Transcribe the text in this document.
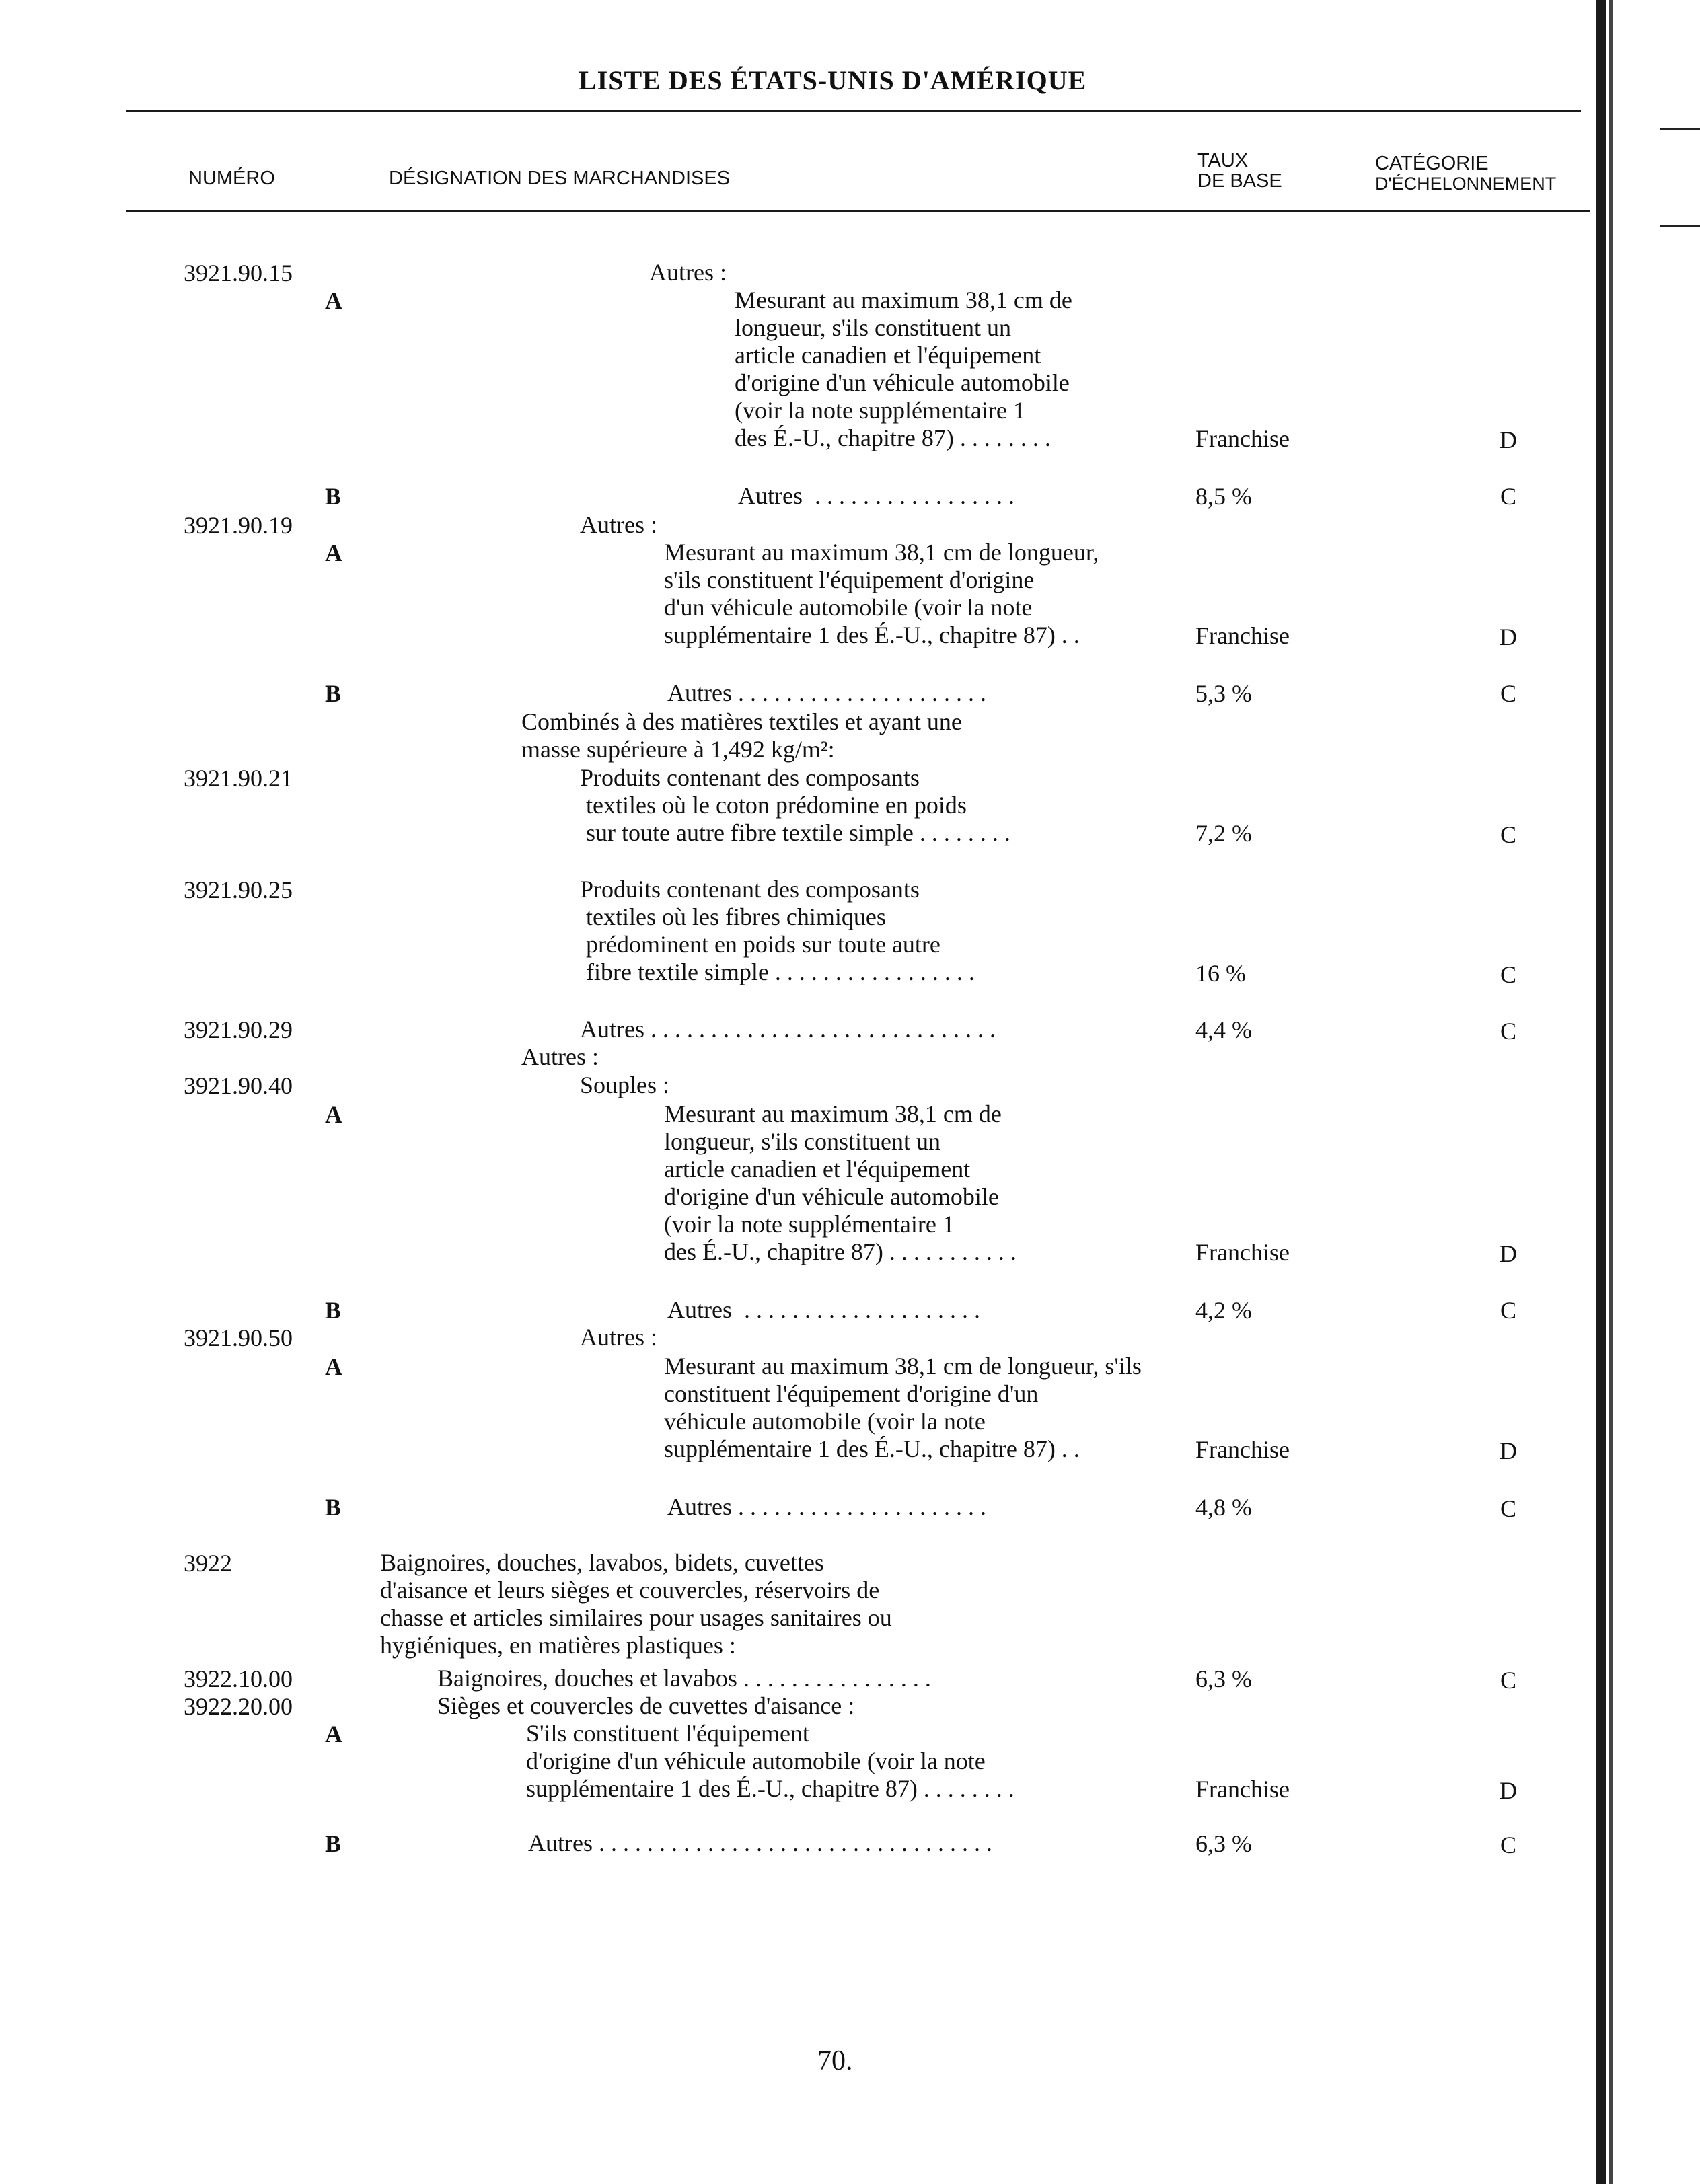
LISTE DES ÉTATS-UNIS D'AMÉRIQUE
NUMÉRO	DÉSIGNATION DES MARCHANDISES
TAUX
DE BASE
CATÉGORIE
D'ÉCHELONNEMENT
3921.90.15
3921.90.19
3921.90.21
3921.90.25
3921.90.29
3921.90.40
3921.90.50
3922
3922.10.00
3922.20.00
A
B
A
B
A
B
A
B
A
B
Autres :
Mesurant au maximum 38,1 cm de
longueur, s'ils constituent un
article canadien et l'équipement
d'origine d'un véhicule automobile
(voir la note supplémentaire 1
des É.-U., chapitre 87) . . . . . . . .
Autres  . . . . . . . . . . . . . . . . .
Autres :
Mesurant au maximum 38,1 cm de longueur,
s'ils constituent l'équipement d'origine
d'un véhicule automobile (voir la note
supplémentaire 1 des É.-U., chapitre 87) . .
Autres . . . . . . . . . . . . . . . . . . . . .
Combinés à des matières textiles et ayant une
masse supérieure à 1,492 kg/m²:
Produits contenant des composants
textiles où le coton prédomine en poids
sur toute autre fibre textile simple . . . . . . . .
Produits contenant des composants
textiles où les fibres chimiques
prédominent en poids sur toute autre
fibre textile simple . . . . . . . . . . . . . . . . .
Autres . . . . . . . . . . . . . . . . . . . . . . . . . . . . .
Autres :
Souples :
Mesurant au maximum 38,1 cm de
longueur, s'ils constituent un
article canadien et l'équipement
d'origine d'un véhicule automobile
(voir la note supplémentaire 1
des É.-U., chapitre 87) . . . . . . . . . . .
Autres  . . . . . . . . . . . . . . . . . . . .
Autres :
Mesurant au maximum 38,1 cm de longueur, s'ils
constituent l'équipement d'origine d'un
véhicule automobile (voir la note
supplémentaire 1 des É.-U., chapitre 87) . .
Autres . . . . . . . . . . . . . . . . . . . . .
Baignoires, douches, lavabos, bidets, cuvettes
d'aisance et leurs sièges et couvercles, réservoirs de
chasse et articles similaires pour usages sanitaires ou
hygiéniques, en matières plastiques :
Baignoires, douches et lavabos . . . . . . . . . . . . . . . .
Sièges et couvercles de cuvettes d'aisance :
S'ils constituent l'équipement
d'origine d'un véhicule automobile (voir la note
supplémentaire 1 des É.-U., chapitre 87) . . . . . . . .
Autres . . . . . . . . . . . . . . . . . . . . . . . . . . . . . . . . .
Franchise
8,5 %
Franchise
5,3 %
7,2 %
16 %
4,4 %
Franchise
4,2 %
Franchise
4,8 %
6,3 %
Franchise
6,3 %
D
C
D
C
C
C
C
D
C
D
C
C
D
C
70.
